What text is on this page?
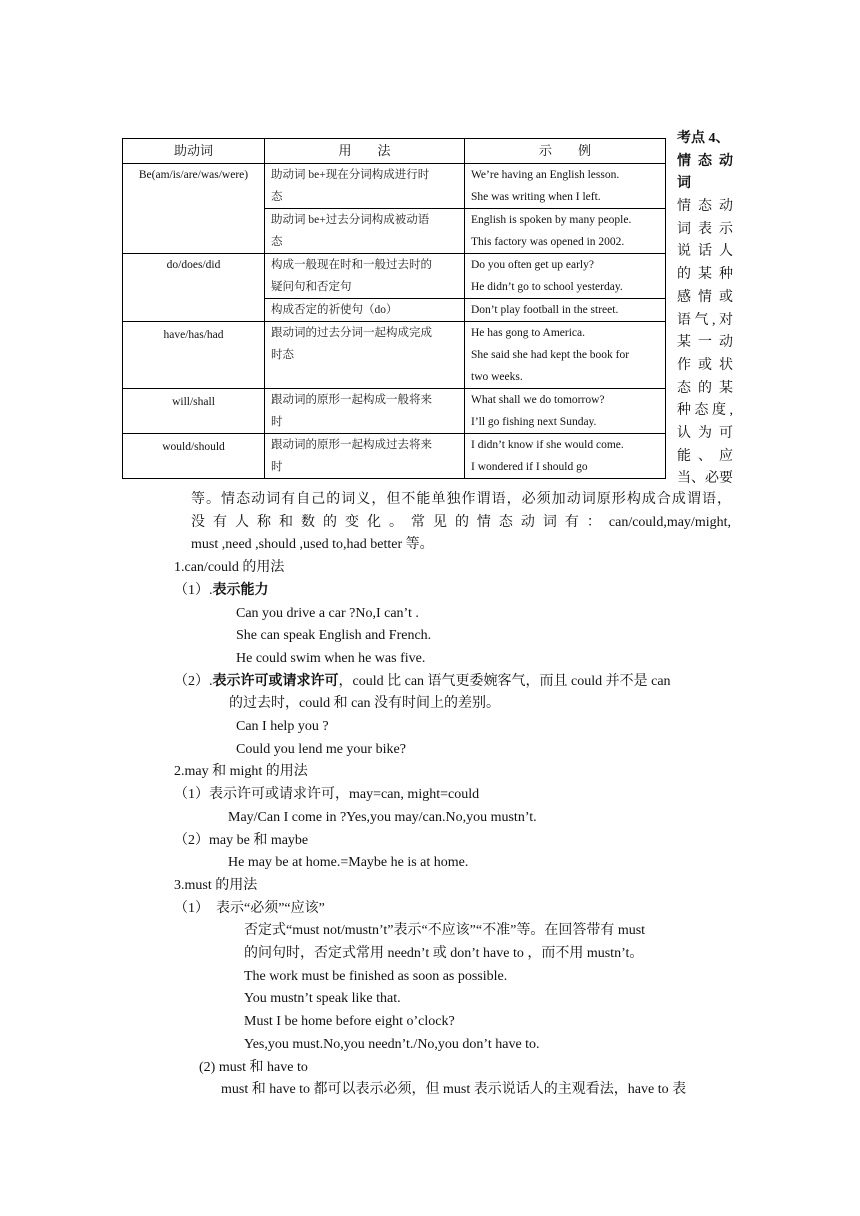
助动词	用　　法	示　　例
Be(am/is/are/was/were)	助动词 be+现在分词构成进行时
态	We’re having an English lesson.
She was writing when I left.

	助动词 be+过去分词构成被动语
态	English is spoken by many people.
This factory was opened in 2002.

do/does/did	构成一般现在时和一般过去时的
疑问句和否定句	Do you often get up early?
He didn’t go to school yesterday.

	构成否定的祈使句（do）	Don’t play football in the street.

have/has/had	跟动词的过去分词一起构成完成
时态	He has gong to America.
She said she had kept the book for
two weeks.

will/shall	跟动词的原形一起构成一般将来
时	What shall we do tomorrow?
I’ll go fishing next Sunday.

would/should	跟动词的原形一起构成过去将来
时	I didn’t know if she would come.
I wondered if I should go
考点 4、
情 态 动
词
情 态 动
词 表 示
说 话 人
的 某 种
感 情 或
语气,对
某 一 动
作 或 状
态 的 某
种态度,
认 为 可
能 、 应
当、必要
等。情态动词有自己的词义，但不能单独作谓语，必须加动词原形构成合成谓语，
没 有 人 称 和 数 的 变 化 。 常 见 的 情 态 动 词 有 ： can/could,may/might,
must ,need ,should ,used to,had better 等。
1.can/could 的用法
（1）.表示能力
Can you drive a car ?No,I can’t .
She can speak English and French.
He could swim when he was five.
（2）.表示许可或请求许可，could 比 can 语气更委婉客气，而且 could 并不是 can
的过去时，could 和 can 没有时间上的差别。
Can I help you ?
Could you lend me your bike?
2.may 和 might 的用法
（1）表示许可或请求许可，may=can, might=could
May/Can I come in ?Yes,you may/can.No,you mustn’t.
（2）may be 和 maybe
He may be at home.=Maybe he is at home.
3.must 的用法
（1）　表示“必须”“应该”
否定式“must not/mustn’t”表示“不应该”“不准”等。在回答带有 must
的问句时，否定式常用 needn’t 或 don’t have to ，而不用 mustn’t。
The work must be finished as soon as possible.
You mustn’t speak like that.
Must I be home before eight o’clock?
Yes,you must.No,you needn’t./No,you don’t have to.
(2) must 和 have to
must 和 have to 都可以表示必须，但 must 表示说话人的主观看法，have to 表
